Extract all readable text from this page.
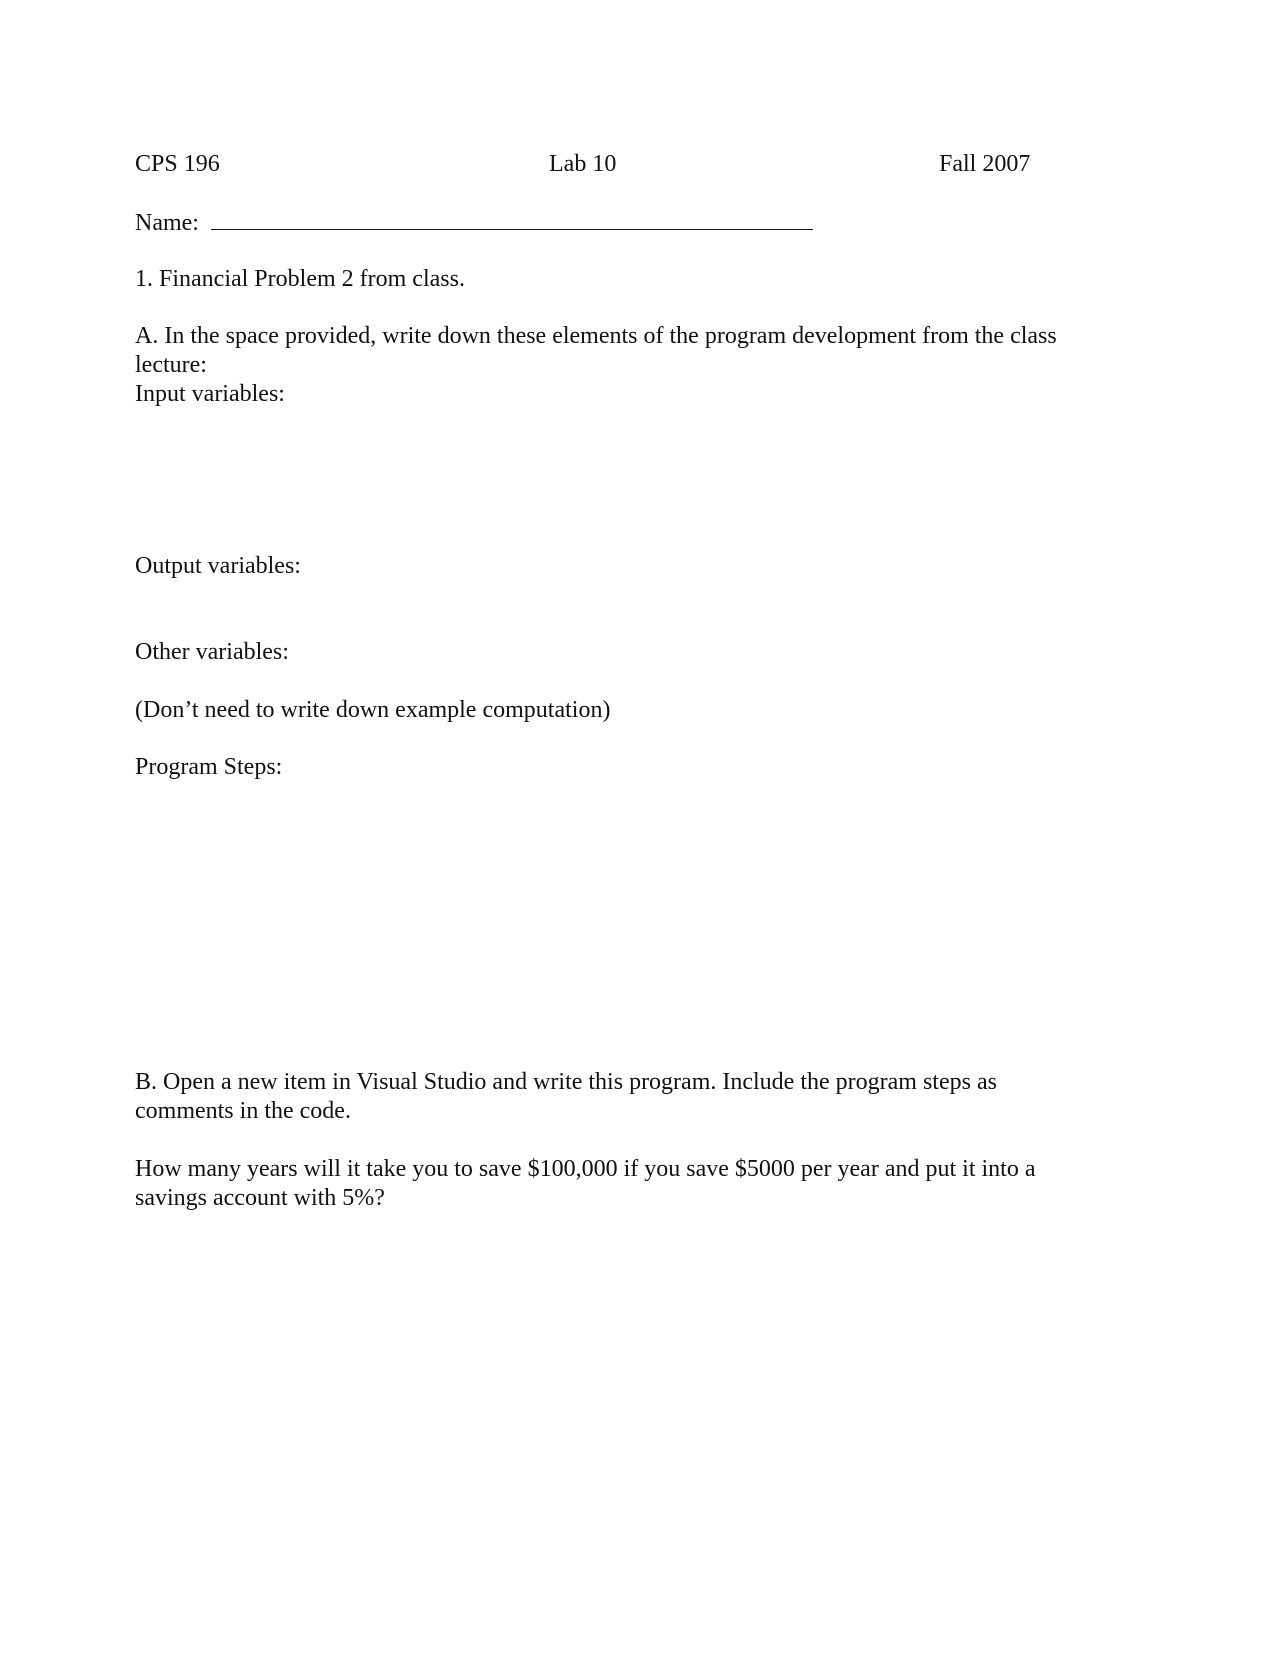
CPS 196	Lab 10	Fall 2007
Name:
1. Financial Problem 2 from class.
A. In the space provided, write down these elements of the program development from the class
lecture:
Input variables:
Output variables:
Other variables:
(Don’t need to write down example computation)
Program Steps:
B. Open a new item in Visual Studio and write this program. Include the program steps as
comments in the code.
How many years will it take you to save $100,000 if you save $5000 per year and put it into a
savings account with 5%?
